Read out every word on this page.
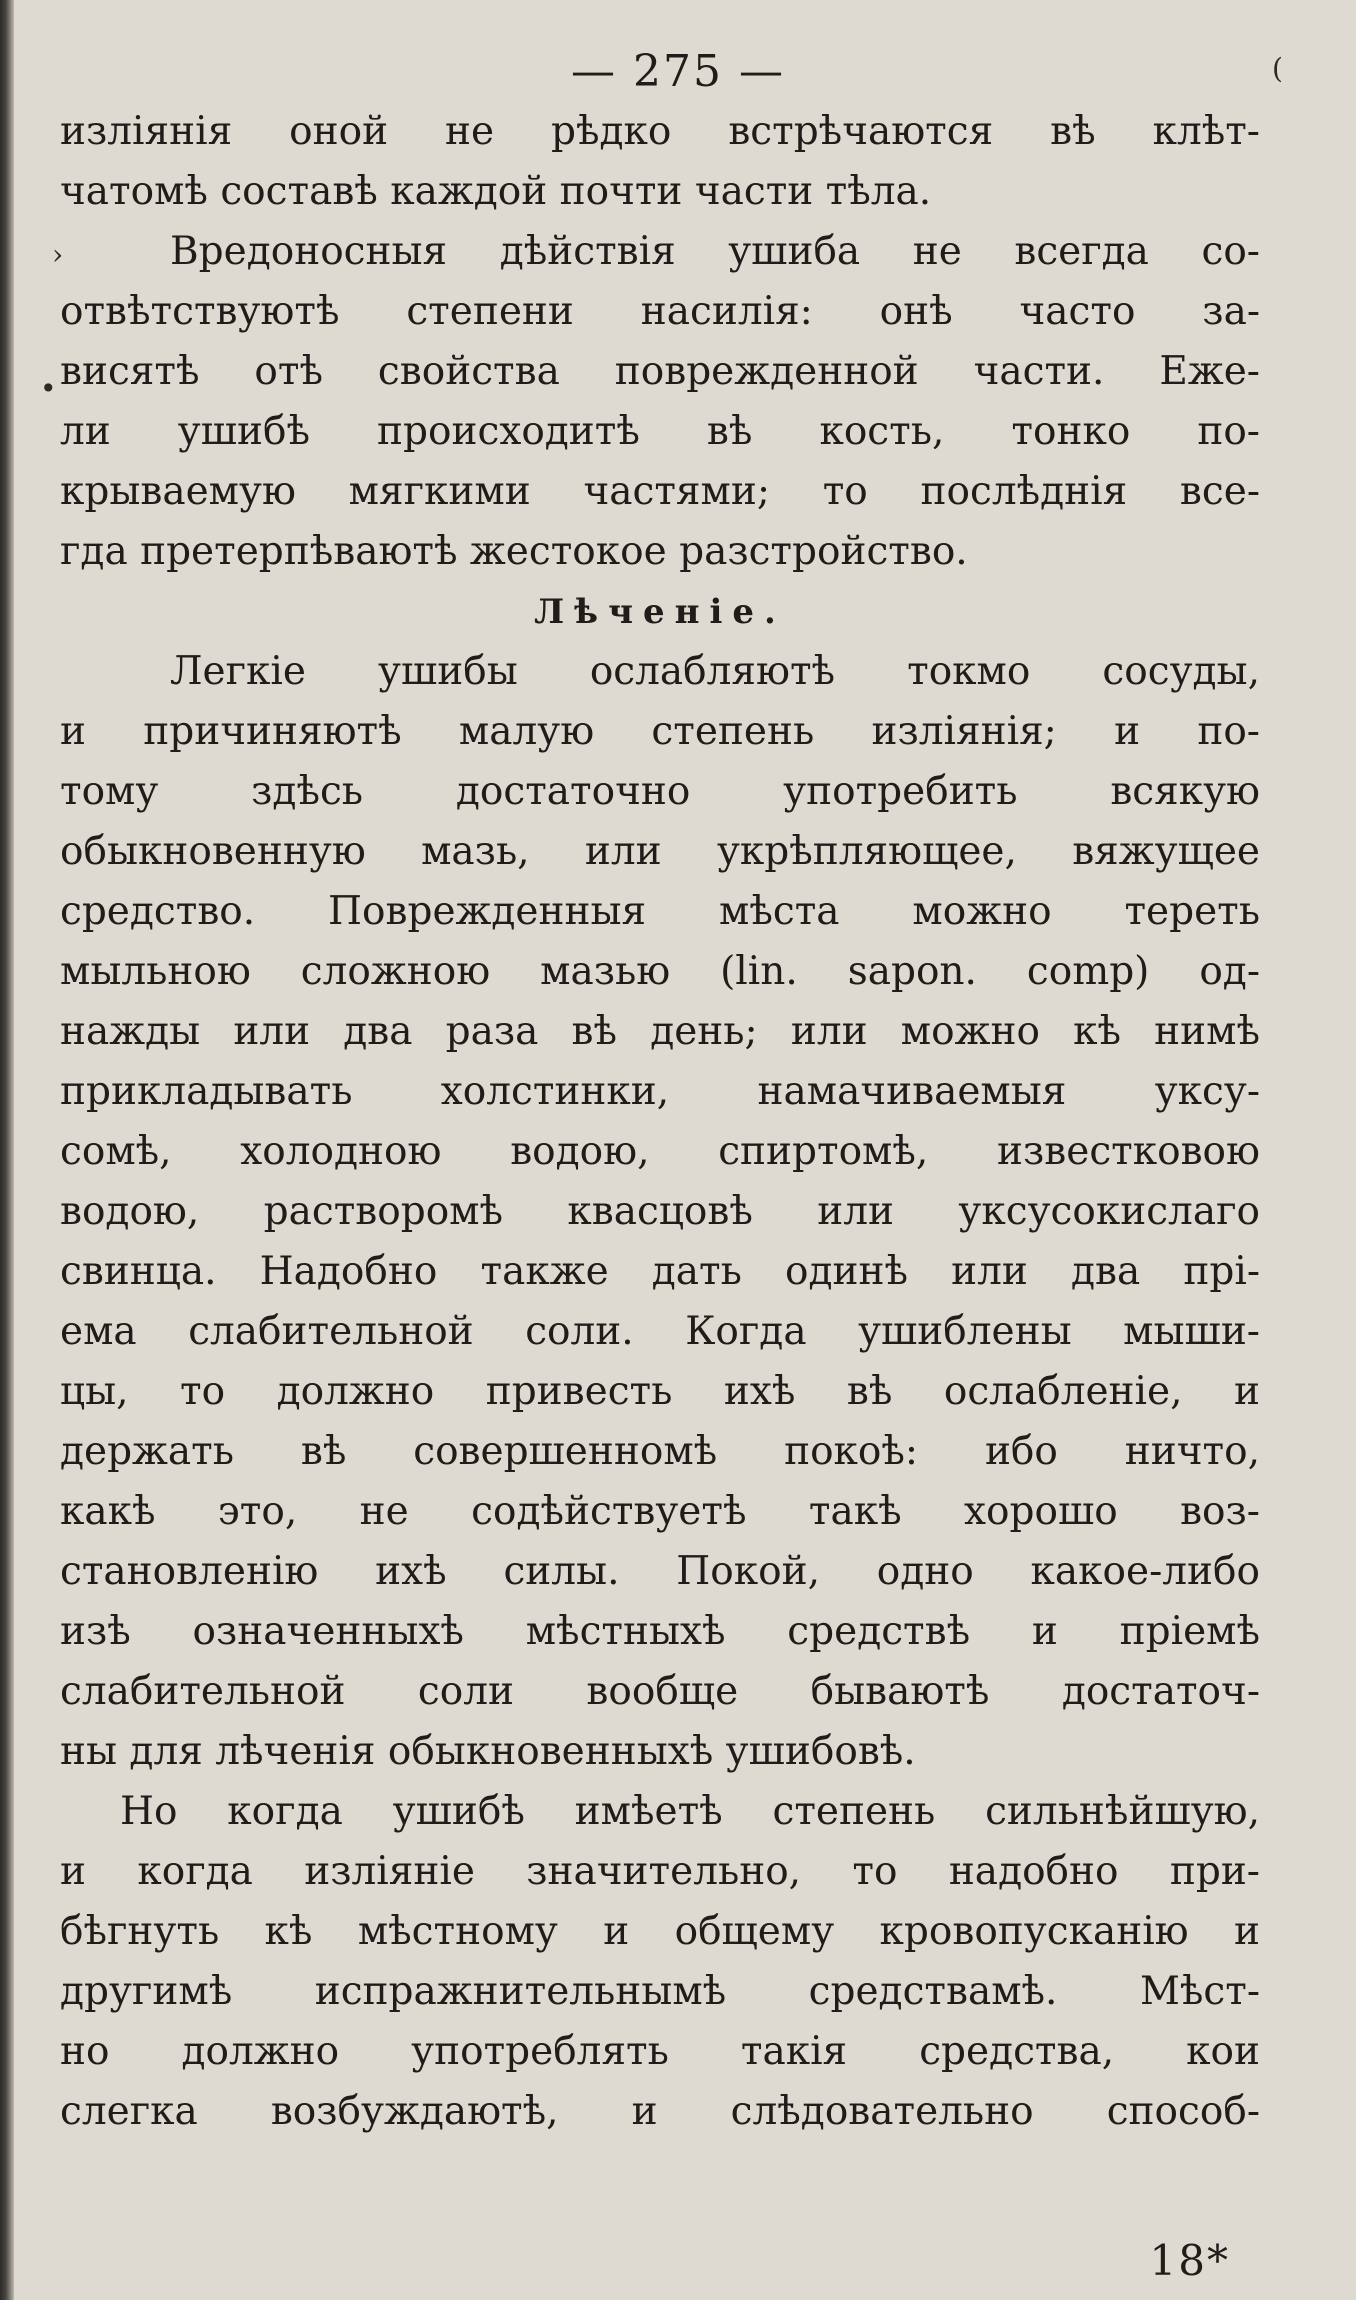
— 275 —	(
›
•
изліянія оной не рѣдко встрѣчаются вѣ клѣт-
чатомѣ составѣ каждой почти части тѣла.
Вредоносныя дѣйствія ушиба не всегда со-
отвѣтствуютѣ степени насилія: онѣ часто за-
висятѣ отѣ свойства поврежденной части. Еже-
ли ушибѣ происходитѣ вѣ кость, тонко по-
крываемую мягкими частями; то послѣднія все-
гда претерпѣваютѣ жестокое разстройство.
Лѣченіе.
Легкіе ушибы ослабляютѣ токмо сосуды,
и причиняютѣ малую степень изліянія; и по-
тому здѣсь достаточно употребить всякую
обыкновенную мазь, или укрѣпляющее, вяжущее
средство. Поврежденныя мѣста можно тереть
мыльною сложною мазью (lin. sapon. comp) од-
нажды или два раза вѣ день; или можно кѣ нимѣ
прикладывать холстинки, намачиваемыя уксу-
сомѣ, холодною водою, спиртомѣ, известковою
водою, растворомѣ квасцовѣ или уксусокислаго
свинца. Надобно также дать одинѣ или два прі-
ема слабительной соли. Когда ушиблены мыши-
цы, то должно привесть ихѣ вѣ ослабленіе, и
держать вѣ совершенномѣ покоѣ: ибо ничто,
какѣ это, не содѣйствуетѣ такѣ хорошо воз-
становленію ихѣ силы. Покой, одно какое-либо
изѣ означенныхѣ мѣстныхѣ средствѣ и пріемѣ
слабительной соли вообще бываютѣ достаточ-
ны для лѣченія обыкновенныхѣ ушибовѣ.
Но когда ушибѣ имѣетѣ степень сильнѣйшую,
и когда изліяніе значительно, то надобно при-
бѣгнуть кѣ мѣстному и общему кровопусканію и
другимѣ испражнительнымѣ средствамѣ. Мѣст-
но должно употреблять такія средства, кои
слегка возбуждаютѣ, и слѣдовательно способ-
18*
